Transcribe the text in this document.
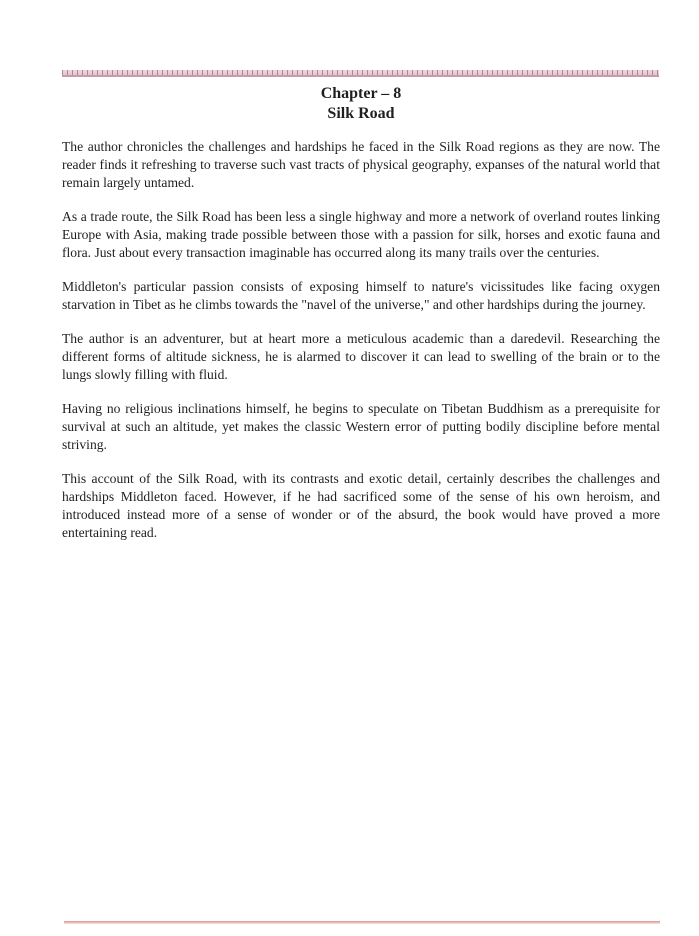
Chapter – 8
Silk Road

The author chronicles the challenges and hardships he faced in the Silk Road regions as they are now. The reader finds it refreshing to traverse such vast tracts of physical geography, expanses of the natural world that remain largely untamed.

As a trade route, the Silk Road has been less a single highway and more a network of overland routes linking Europe with Asia, making trade possible between those with a passion for silk, horses and exotic fauna and flora. Just about every transaction imaginable has occurred along its many trails over the centuries.

Middleton's particular passion consists of exposing himself to nature's vicissitudes like facing oxygen starvation in Tibet as he climbs towards the "navel of the universe," and other hardships during the journey.

The author is an adventurer, but at heart more a meticulous academic than a daredevil. Researching the different forms of altitude sickness, he is alarmed to discover it can lead to swelling of the brain or to the lungs slowly filling with fluid.

Having no religious inclinations himself, he begins to speculate on Tibetan Buddhism as a prerequisite for survival at such an altitude, yet makes the classic Western error of putting bodily discipline before mental striving.

This account of the Silk Road, with its contrasts and exotic detail, certainly describes the challenges and hardships Middleton faced. However, if he had sacrificed some of the sense of his own heroism, and introduced instead more of a sense of wonder or of the absurd, the book would have proved a more entertaining read.
